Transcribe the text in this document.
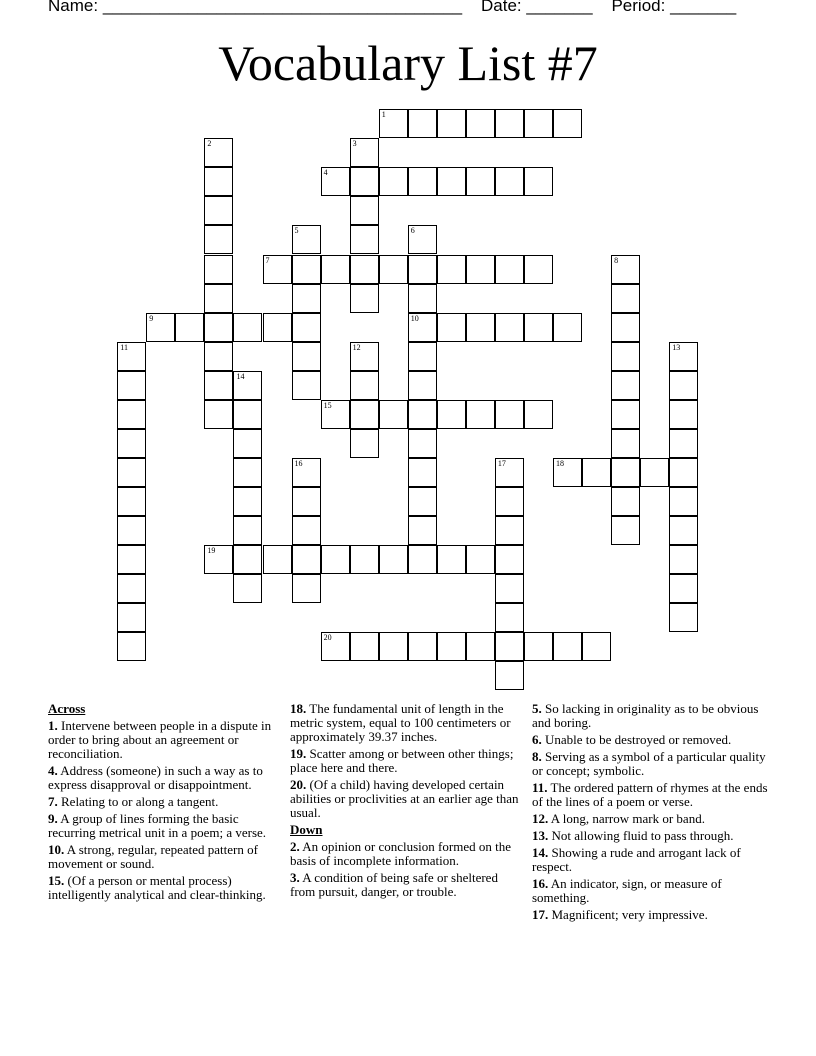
Name: ______________________________________ Date: _______ Period: _______
Vocabulary List #7
1
2	3
4
5	6
10
7	8
9
11	12	13
14
15
16	17	18
19
20
Across
1. Intervene between people in a dispute in order to bring about an agreement or reconciliation.
4. Address (someone) in such a way as to express disapproval or disappointment.
7. Relating to or along a tangent.
9. A group of lines forming the basic recurring metrical unit in a poem; a verse.
10. A strong, regular, repeated pattern of movement or sound.
15. (Of a person or mental process) intelligently analytical and clear-thinking.
18. The fundamental unit of length in the metric system, equal to 100 centimeters or approximately 39.37 inches.
19. Scatter among or between other things; place here and there.
20. (Of a child) having developed certain abilities or proclivities at an earlier age than usual.
Down
2. An opinion or conclusion formed on the basis of incomplete information.
3. A condition of being safe or sheltered from pursuit, danger, or trouble.
5. So lacking in originality as to be obvious and boring.
6. Unable to be destroyed or removed.
8. Serving as a symbol of a particular quality or concept; symbolic.
11. The ordered pattern of rhymes at the ends of the lines of a poem or verse.
12. A long, narrow mark or band.
13. Not allowing fluid to pass through.
14. Showing a rude and arrogant lack of respect.
16. An indicator, sign, or measure of something.
17. Magnificent; very impressive.
